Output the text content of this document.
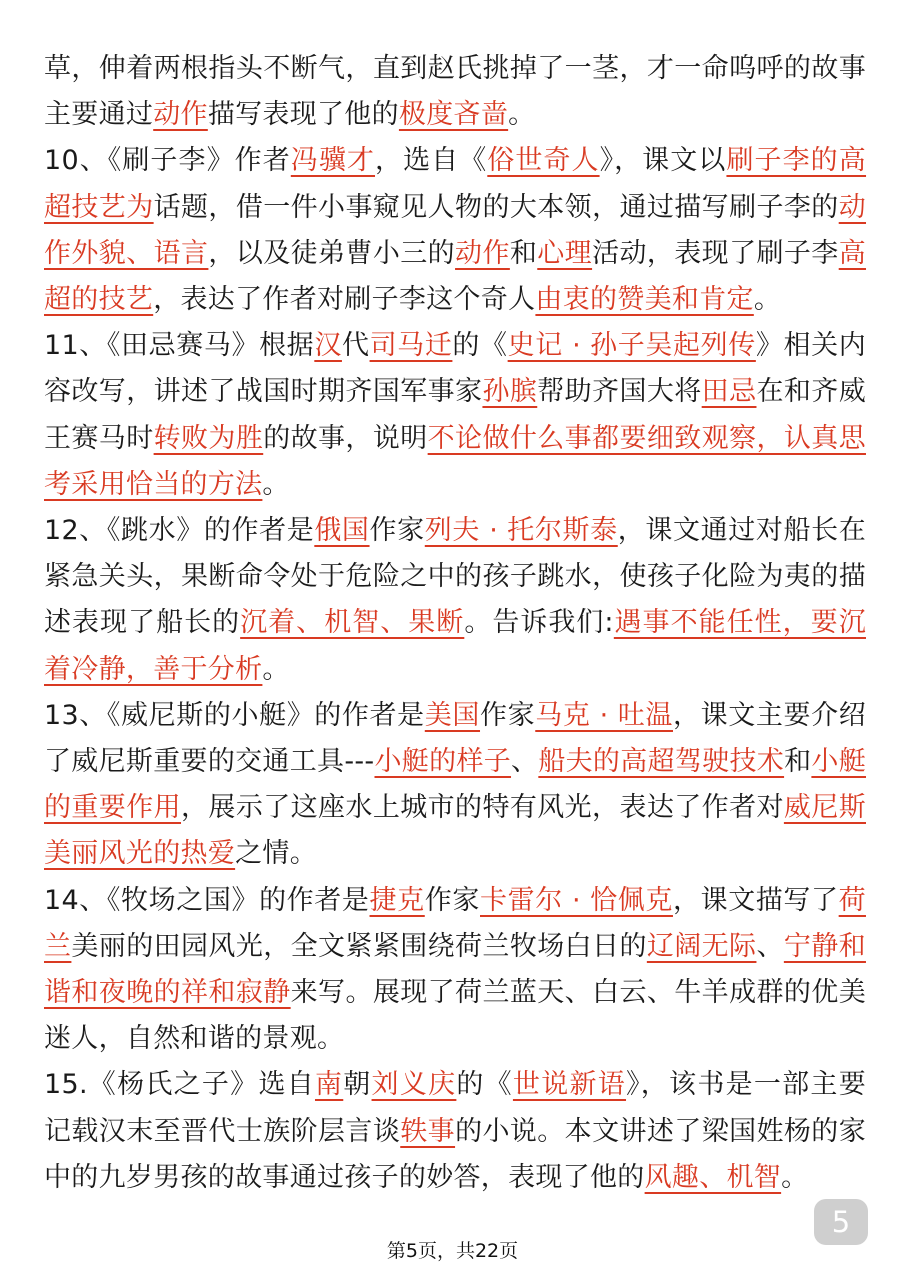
草，伸着两根指头不断气，直到赵氏挑掉了一茎，才一命呜呼的故事主要通过动作描写表现了他的极度吝啬。

10、《刷子李》作者冯骥才，选自《俗世奇人》，课文以刷子李的高超技艺为话题，借一件小事窥见人物的大本领，通过描写刷子李的动作外貌、语言，以及徒弟曹小三的动作和心理活动，表现了刷子李高超的技艺，表达了作者对刷子李这个奇人由衷的赞美和肯定。

11、《田忌赛马》根据汉代司马迁的《史记 · 孙子吴起列传》相关内容改写，讲述了战国时期齐国军事家孙膑帮助齐国大将田忌在和齐威王赛马时转败为胜的故事，说明不论做什么事都要细致观察，认真思考采用恰当的方法。

12、《跳水》的作者是俄国作家列夫 · 托尔斯泰，课文通过对船长在紧急关头，果断命令处于危险之中的孩子跳水，使孩子化险为夷的描述表现了船长的沉着、机智、果断。告诉我们:遇事不能任性，要沉着冷静，善于分析。

13、《威尼斯的小艇》的作者是美国作家马克 · 吐温，课文主要介绍了威尼斯重要的交通工具---小艇的样子、船夫的高超驾驶技术和小艇的重要作用，展示了这座水上城市的特有风光，表达了作者对威尼斯美丽风光的热爱之情。

14、《牧场之国》的作者是捷克作家卡雷尔 · 恰佩克，课文描写了荷兰美丽的田园风光，全文紧紧围绕荷兰牧场白日的辽阔无际、宁静和谐和夜晚的祥和寂静来写。展现了荷兰蓝天、白云、牛羊成群的优美迷人，自然和谐的景观。

15.《杨氏之子》选自南朝刘义庆的《世说新语》，该书是一部主要记载汉末至晋代士族阶层言谈轶事的小说。本文讲述了梁国姓杨的家中的九岁男孩的故事通过孩子的妙答，表现了他的风趣、机智。

5
第5页，共22页
